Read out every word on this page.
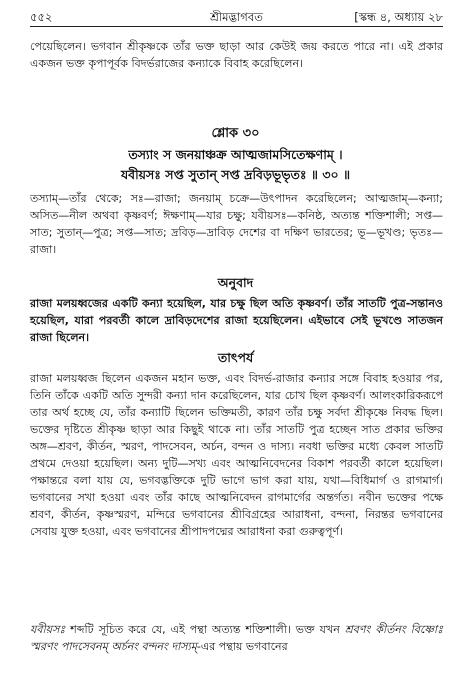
৫৫২	শ্রীমদ্ভাগবত	[স্কন্ধ ৪, অধ্যায় ২৮

পেয়েছিলেন। ভগবান শ্রীকৃষ্ণকে তাঁর ভক্ত ছাড়া আর কেউই জয় করতে পারে না। এই প্রকার একজন ভক্ত কৃপাপূর্বক বিদর্ভরাজের কন্যাকে বিবাহ করেছিলেন।

শ্লোক ৩০
তস্যাং স জনয়াঞ্চক্র আত্মজামসিতেক্ষণাম্ ।
যবীয়সঃ সপ্ত সুতান্ সপ্ত দ্রবিড়ভূভৃতঃ ॥ ৩০ ॥

তস্যাম্—তাঁর থেকে; সঃ—রাজা; জনয়াম্ চক্রে—উৎপাদন করেছিলেন; আত্মজাম্—কন্যা; অসিত—নীল অথবা কৃষ্ণবর্ণ; ঈক্ষণাম্—যার চক্ষু; যবীয়সঃ—কনিষ্ঠ, অত্যন্ত শক্তিশালী; সপ্ত—সাত; সুতান্—পুত্র; সপ্ত—সাত; দ্রবিড়—দ্রাবিড় দেশের বা দক্ষিণ ভারতের; ভূ—ভূখণ্ড; ভৃতঃ—রাজা।

অনুবাদ

রাজা মলয়ধ্বজের একটি কন্যা হয়েছিল, যার চক্ষু ছিল অতি কৃষ্ণবর্ণ। তাঁর সাতটি পুত্র-সন্তানও হয়েছিল, যারা পরবর্তী কালে দ্রাবিড়দেশের রাজা হয়েছিলেন। এইভাবে সেই ভূখণ্ডে সাতজন রাজা ছিলেন।

তাৎপর্য

রাজা মলয়ধ্বজ ছিলেন একজন মহান ভক্ত, এবং বিদর্ভ-রাজার কন্যার সঙ্গে বিবাহ হওয়ার পর, তিনি তাঁকে একটি অতি সুন্দরী কন্যা দান করেছিলেন, যার চোখ ছিল কৃষ্ণবর্ণ। আলংকারিকরূপে তার অর্থ হচ্ছে যে, তাঁর কন্যাটি ছিলেন ভক্তিমতী, কারণ তাঁর চক্ষু সর্বদা শ্রীকৃষ্ণে নিবদ্ধ ছিল। ভক্তের দৃষ্টিতে শ্রীকৃষ্ণ ছাড়া আর কিছুই থাকে না। তাঁর সাতটি পুত্র হচ্ছেন সাত প্রকার ভক্তির অঙ্গ—শ্রবণ, কীর্তন, স্মরণ, পাদসেবন, অর্চন, বন্দন ও দাস্য। নবধা ভক্তির মধ্যে কেবল সাতটি প্রথমে দেওয়া হয়েছিল। অন্য দুটি—সখ্য এবং আত্মনিবেদনের বিকাশ পরবর্তী কালে হয়েছিল। পক্ষান্তরে বলা যায় যে, ভগবদ্ভক্তিকে দুটি ভাগে ভাগ করা যায়, যথা—বিধিমার্গ ও রাগমার্গ। ভগবানের সখা হওয়া এবং তাঁর কাছে আত্মনিবেদন রাগমার্গের অন্তর্গত। নবীন ভক্তের পক্ষে শ্রবণ, কীর্তন, কৃষ্ণস্মরণ, মন্দিরে ভগবানের শ্রীবিগ্রহের আরাধনা, বন্দনা, নিরন্তর ভগবানের সেবায় যুক্ত হওয়া, এবং ভগবানের শ্রীপাদপদ্মের আরাধনা করা গুরুত্বপূর্ণ।

যবীয়সঃ শব্দটি সূচিত করে যে, এই পন্থা অত্যন্ত শক্তিশালী। ভক্ত যখন শ্রবণং কীর্তনং বিষ্ণোঃ স্মরণং পাদসেবনম্ অর্চনং বন্দনং দাস্যম্-এর পন্থায় ভগবানের
